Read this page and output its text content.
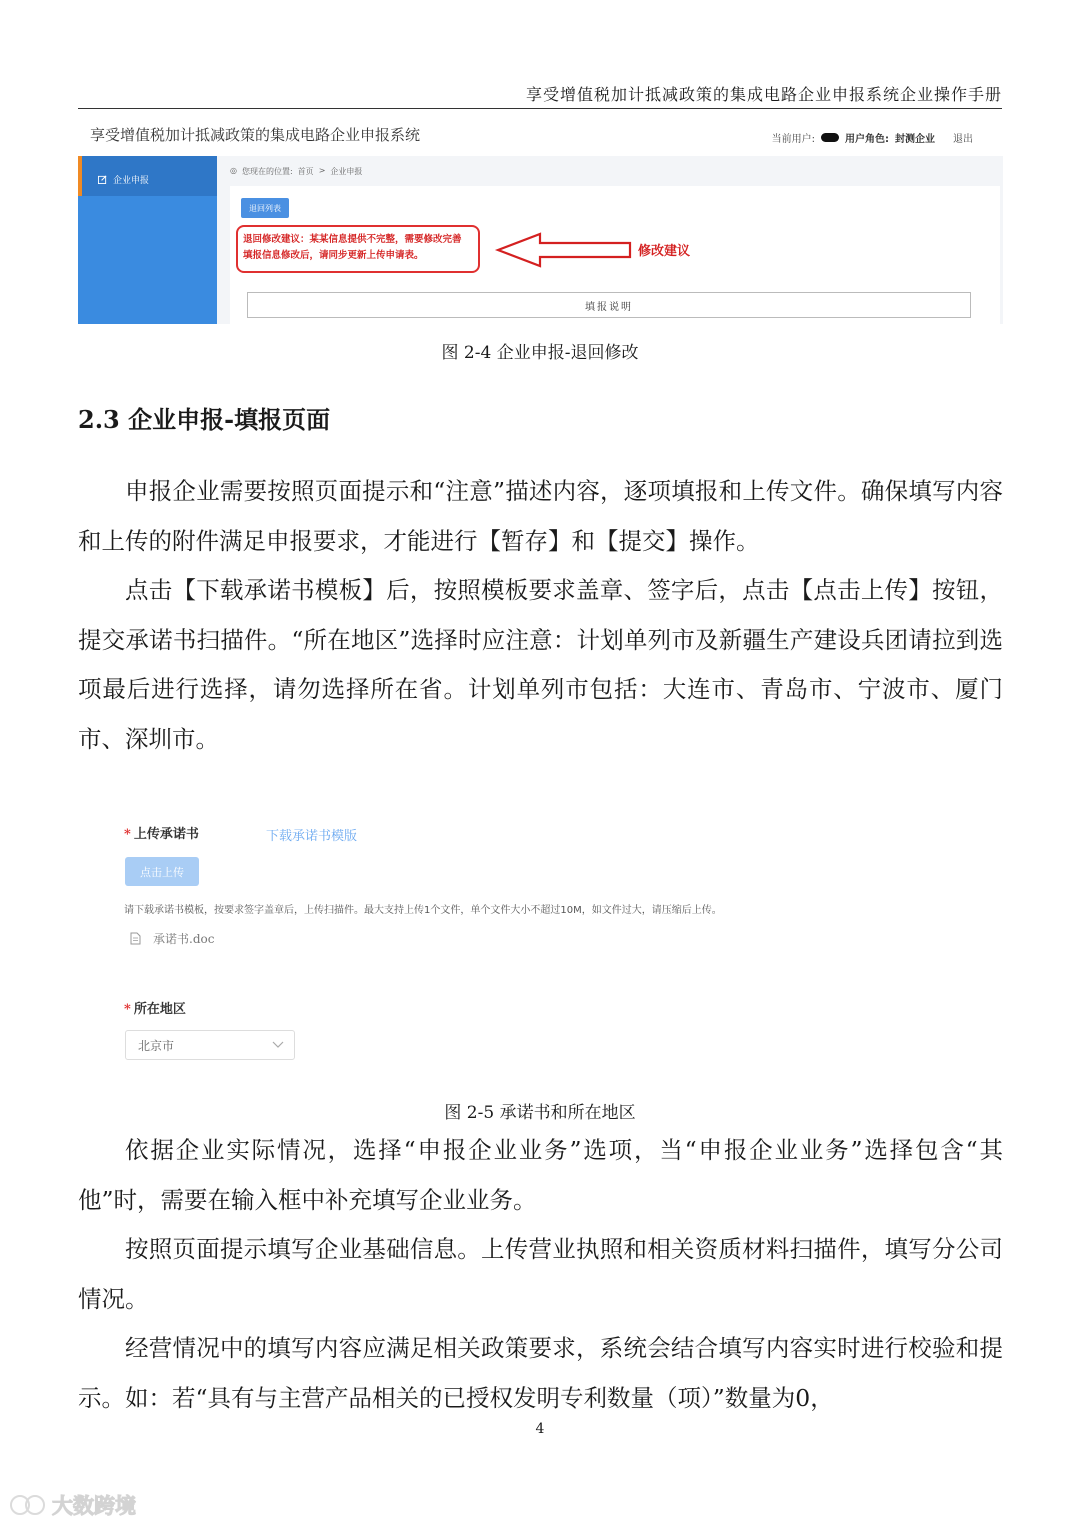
享受增值税加计抵减政策的集成电路企业申报系统企业操作手册
享受增值税加计抵减政策的集成电路企业申报系统	当前用户:	用户角色: 封测企业 退出
企业申报
◎ 您现在的位置: 首页 > 企业申报
退回列表
退回修改建议：某某信息提供不完整，需要修改完善
填报信息修改后，请同步更新上传申请表。	修改建议
填报说明
图 2-4 企业申报-退回修改
2.3 企业申报-填报页面
申报企业需要按照页面提示和“注意”描述内容，逐项填报和上传文件。确保填写内容和上传的附件满足申报要求，才能进行【暂存】和【提交】操作。
点击【下载承诺书模板】后，按照模板要求盖章、签字后，点击【点击上传】按钮，提交承诺书扫描件。“所在地区”选择时应注意：计划单列市及新疆生产建设兵团请拉到选项最后进行选择，请勿选择所在省。计划单列市包括：大连市、青岛市、宁波市、厦门市、深圳市。
* 上传承诺书	下载承诺书模版
点击上传
请下载承诺书模板，按要求签字盖章后，上传扫描件。最大支持上传1个文件，单个文件大小不超过10M，如文件过大，请压缩后上传。
承诺书.doc
* 所在地区
北京市
图 2-5 承诺书和所在地区
依据企业实际情况，选择“申报企业业务”选项，当“申报企业业务”选择包含“其他”时，需要在输入框中补充填写企业业务。
按照页面提示填写企业基础信息。上传营业执照和相关资质材料扫描件，填写分公司情况。
经营情况中的填写内容应满足相关政策要求，系统会结合填写内容实时进行校验和提示。如：若“具有与主营产品相关的已授权发明专利数量（项）”数量为0，
4
大数跨境
